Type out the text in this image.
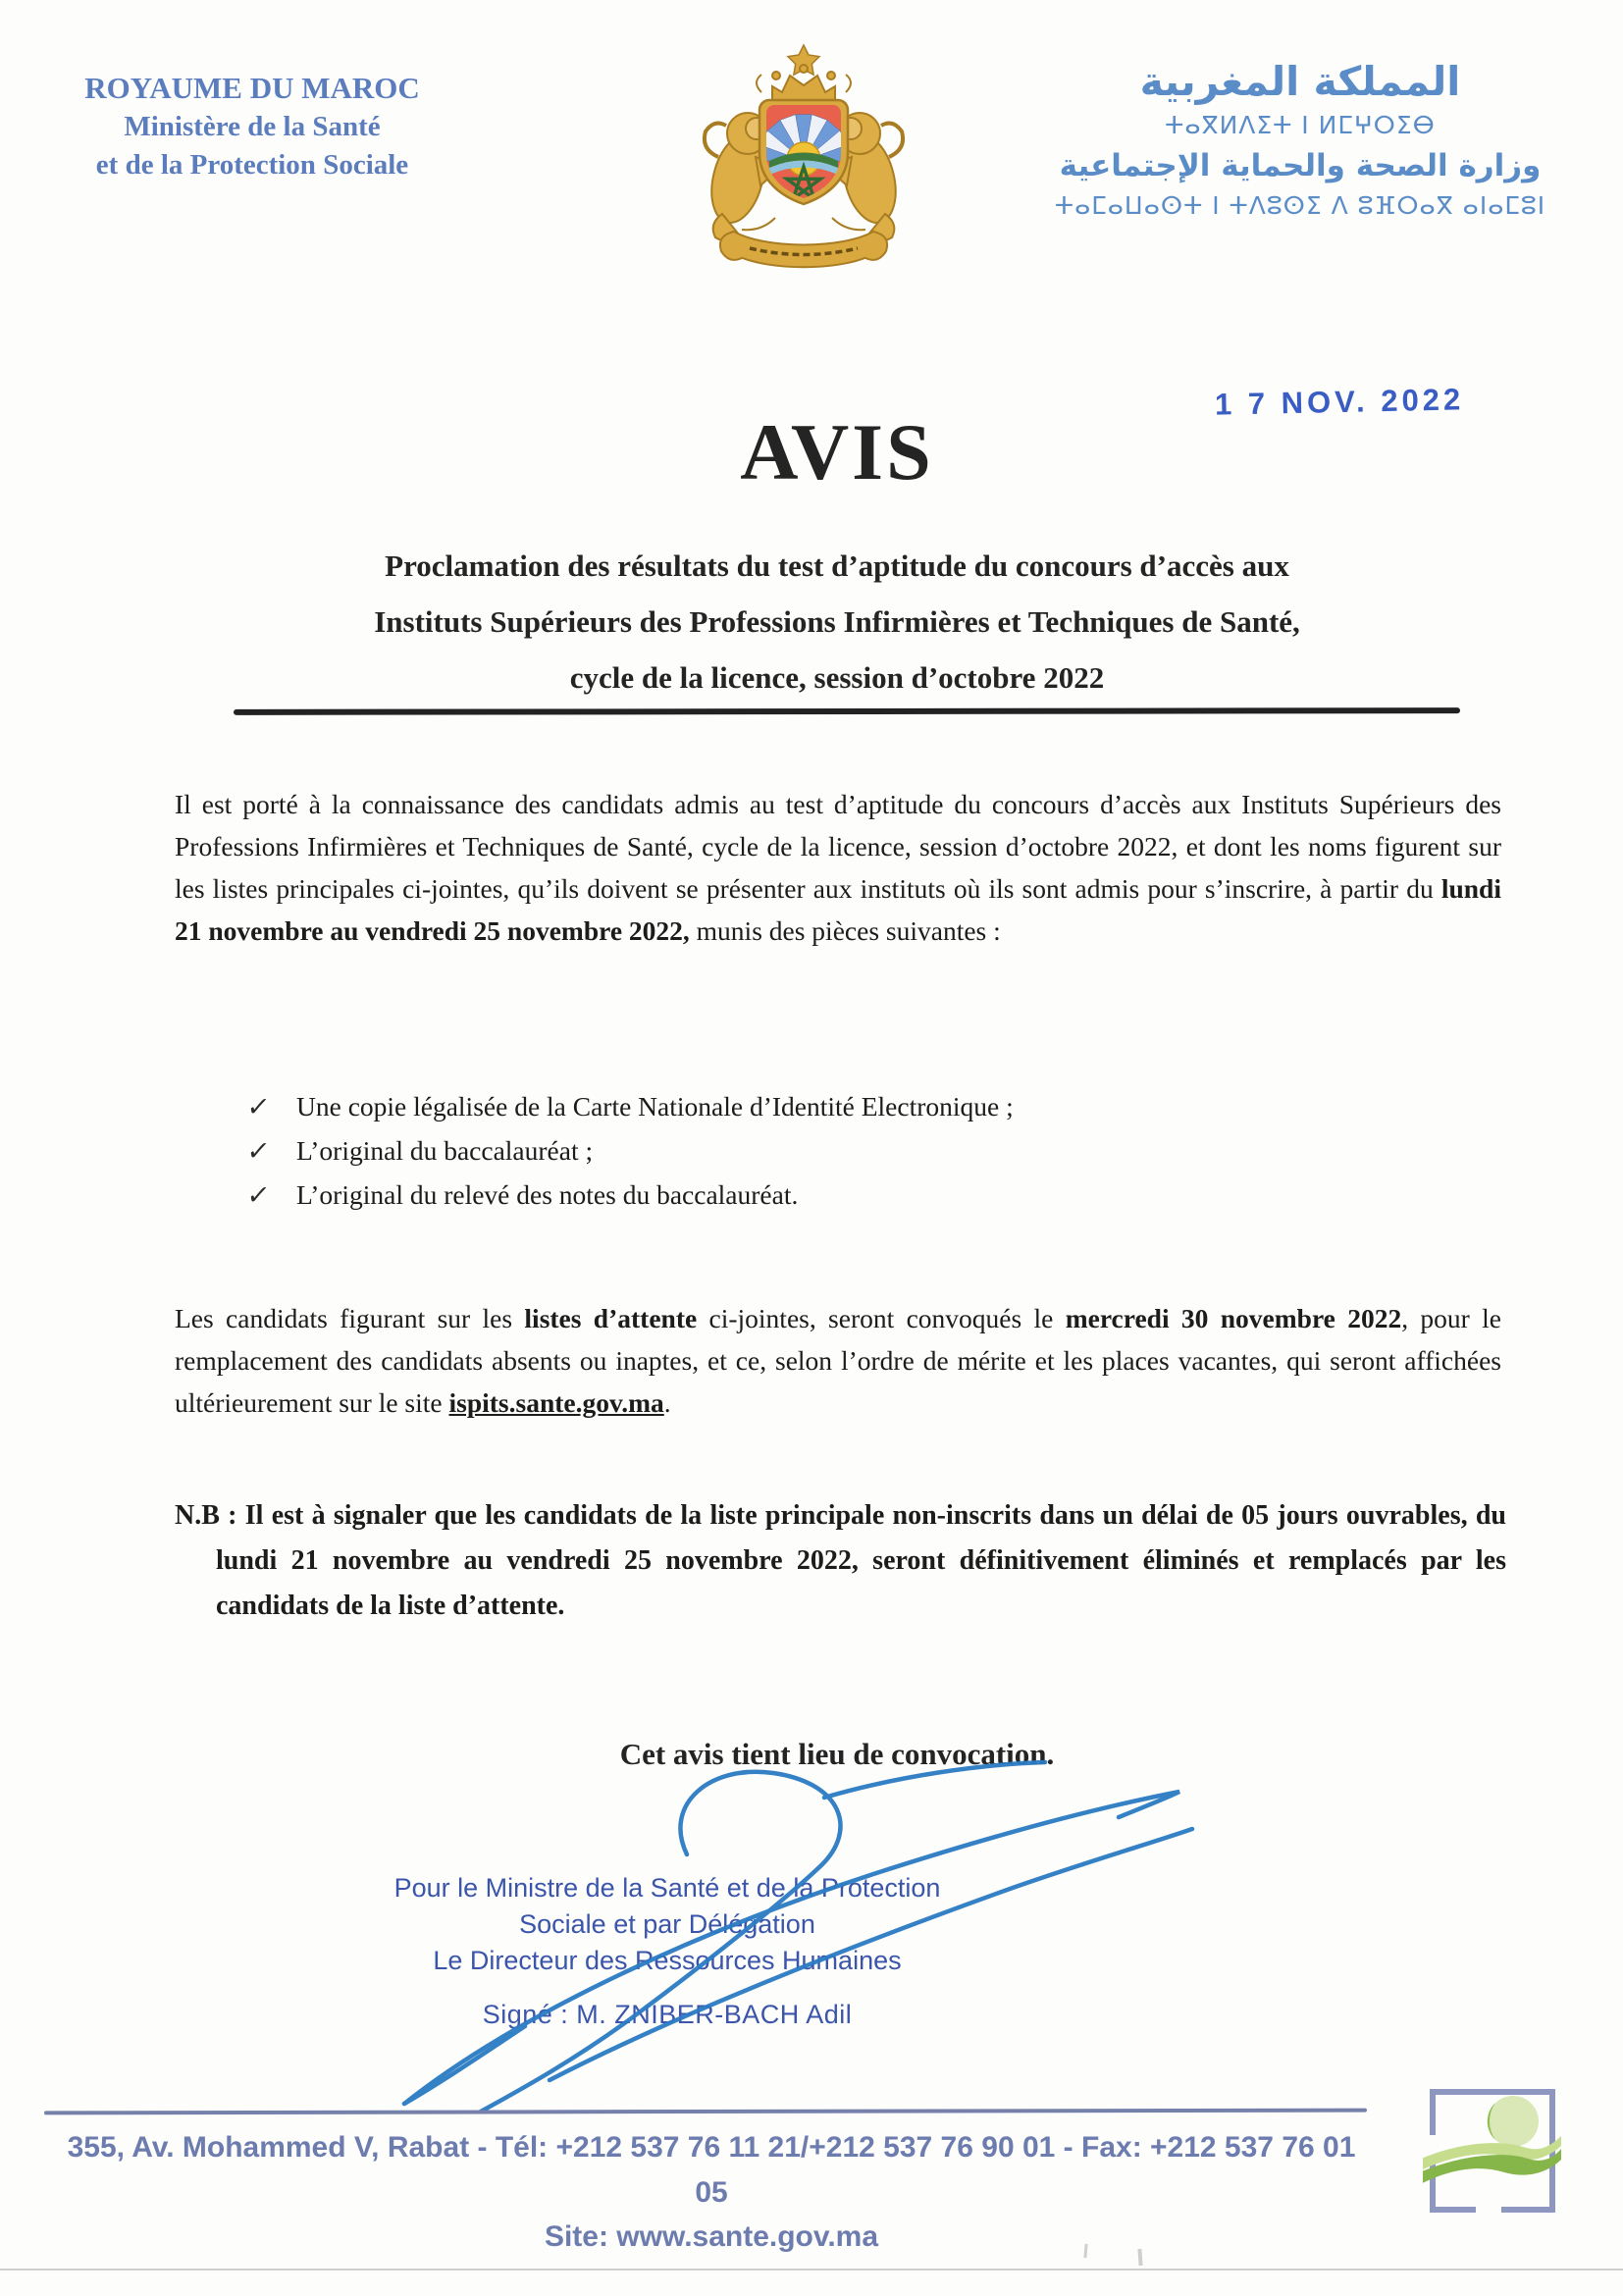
ROYAUME DU MAROC
Ministère de la Santé
et de la Protection Sociale
المملكة المغربية
ⵜⴰⴳⵍⴷⵉⵜ ⵏ ⵍⵎⵖⵔⵉⴱ
وزارة الصحة والحماية الإجتماعية
ⵜⴰⵎⴰⵡⴰⵙⵜ ⵏ ⵜⴷⵓⵙⵉ ⴷ ⵓⴼⵔⴰⴳ ⴰⵏⴰⵎⵓⵏ
1 7 NOV. 2022
AVIS
Proclamation des résultats du test d’aptitude du concours d’accès aux
Instituts Supérieurs des Professions Infirmières et Techniques de Santé,
cycle de la licence, session d’octobre 2022
Il est porté à la connaissance des candidats admis au test d’aptitude du concours d’accès aux Instituts Supérieurs des Professions Infirmières et Techniques de Santé, cycle de la licence, session d’octobre 2022, et dont les noms figurent sur les listes principales ci-jointes, qu’ils doivent se présenter aux instituts où ils sont admis pour s’inscrire, à partir du lundi 21 novembre au vendredi 25 novembre 2022, munis des pièces suivantes :
✓ Une copie légalisée de la Carte Nationale d’Identité Electronique ;
✓ L’original du baccalauréat ;
✓ L’original du relevé des notes du baccalauréat.
Les candidats figurant sur les listes d’attente ci-jointes, seront convoqués le mercredi 30 novembre 2022, pour le remplacement des candidats absents ou inaptes, et ce, selon l’ordre de mérite et les places vacantes, qui seront affichées ultérieurement sur le site ispits.sante.gov.ma.
N.B : Il est à signaler que les candidats de la liste principale non-inscrits dans un délai de 05 jours ouvrables, du lundi 21 novembre au vendredi 25 novembre 2022, seront définitivement éliminés et remplacés par les candidats de la liste d’attente.
Cet avis tient lieu de convocation.
Pour le Ministre de la Santé et de la Protection
Sociale et par Délégation
Le Directeur des Ressources Humaines
Signé : M. ZNIBER-BACH Adil
355, Av. Mohammed V, Rabat - Tél: +212 537 76 11 21/+212 537 76 90 01 - Fax: +212 537 76 01 05
Site: www.sante.gov.ma
